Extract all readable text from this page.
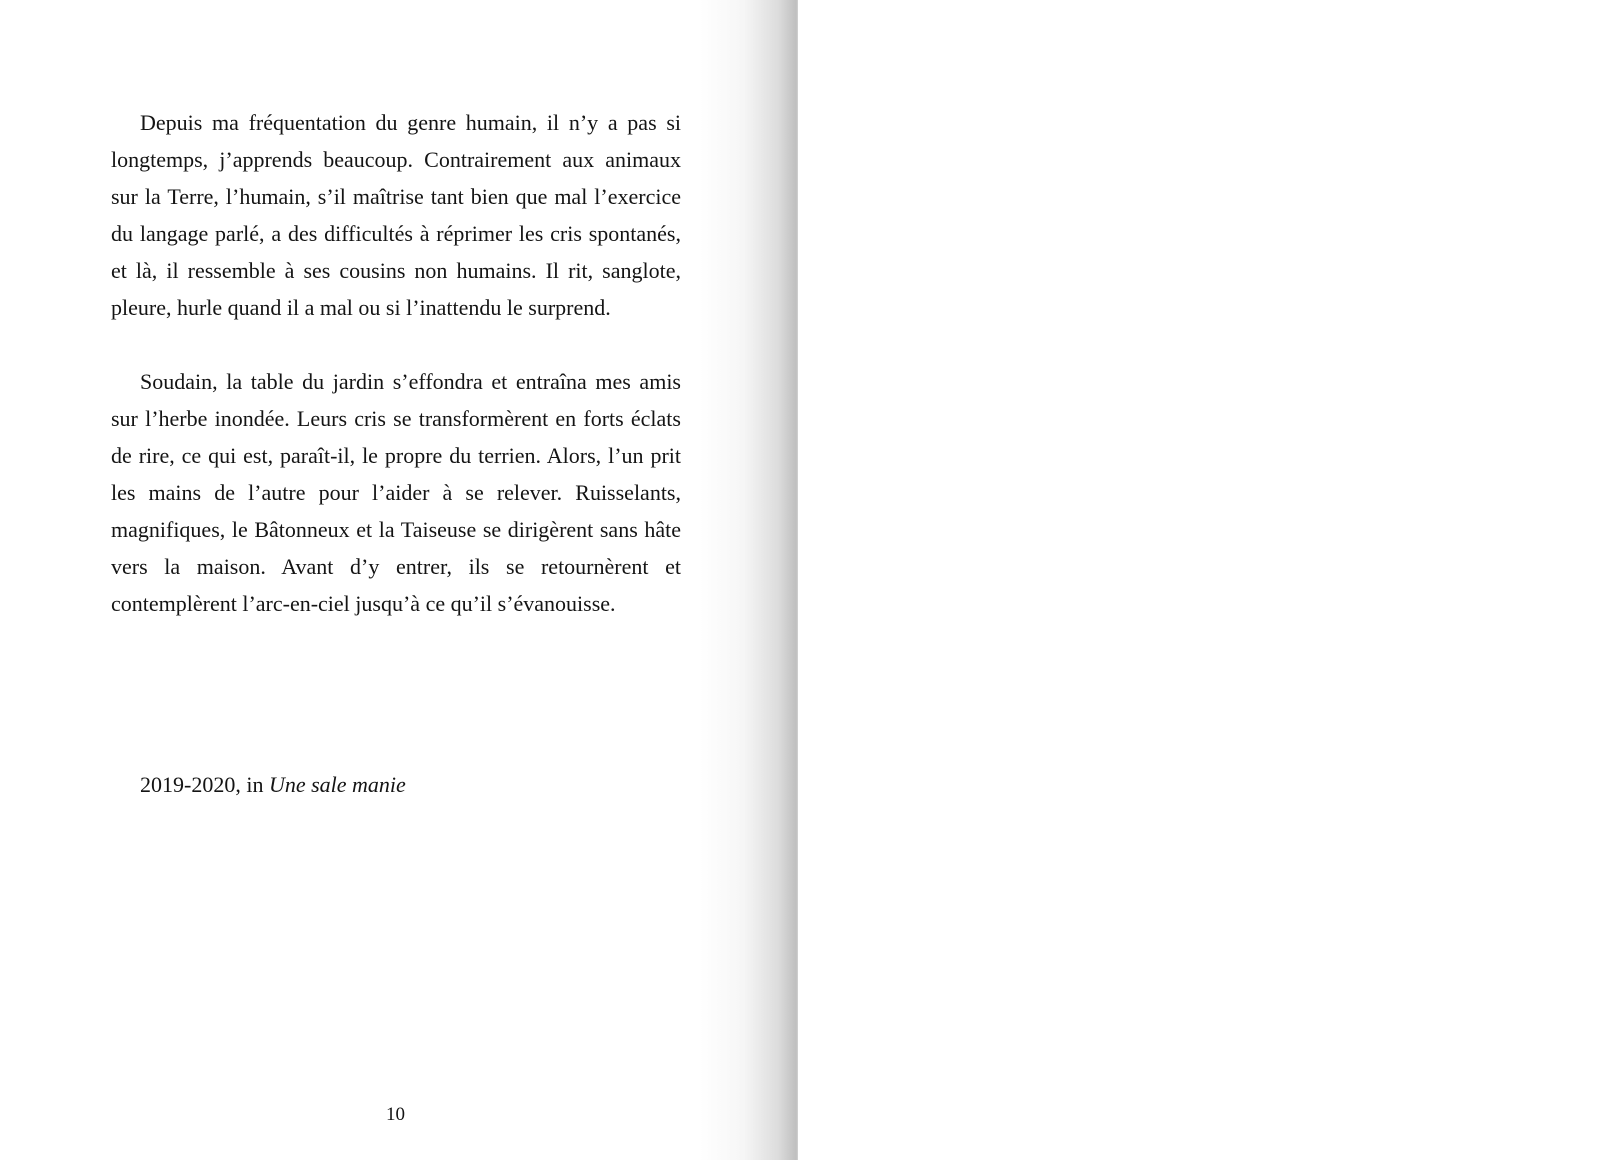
Depuis ma fréquentation du genre humain, il n’y a pas si longtemps, j’apprends beaucoup. Contrairement aux animaux sur la Terre, l’humain, s’il maîtrise tant bien que mal l’exercice du langage parlé, a des difficultés à réprimer les cris spontanés, et là, il ressemble à ses cousins non humains. Il rit, sanglote, pleure, hurle quand il a mal ou si l’inattendu le surprend.

Soudain, la table du jardin s’effondra et entraîna mes amis sur l’herbe inondée. Leurs cris se transformèrent en forts éclats de rire, ce qui est, paraît-il, le propre du terrien. Alors, l’un prit les mains de l’autre pour l’aider à se relever. Ruisselants, magnifiques, le Bâtonneux et la Taiseuse se dirigèrent sans hâte vers la maison. Avant d’y entrer, ils se retournèrent et contemplèrent l’arc-en-ciel jusqu’à ce qu’il s’évanouisse.

2019-2020, in Une sale manie
10
